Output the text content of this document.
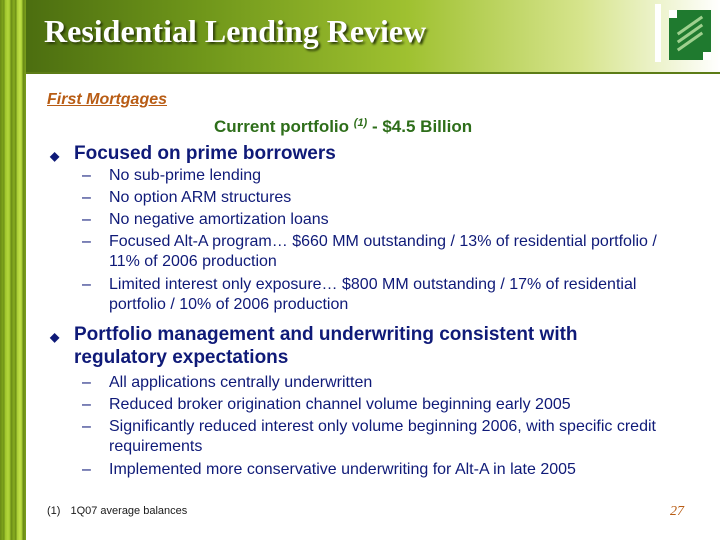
Residential Lending Review
First Mortgages
Current portfolio $^{(1)}$ - $4.5 Billion
◆ Focused on prime borrowers
– No sub-prime lending
– No option ARM structures
– No negative amortization loans
– Focused Alt-A program… $660 MM outstanding / 13% of residential portfolio / 11% of 2006 production
– Limited interest only exposure… $800 MM outstanding / 17% of residential portfolio / 10% of 2006 production
◆ Portfolio management and underwriting consistent with regulatory expectations
– All applications centrally underwritten
– Reduced broker origination channel volume beginning early 2005
– Significantly reduced interest only volume beginning 2006, with specific credit requirements
– Implemented more conservative underwriting for Alt-A in late 2005
(1) 1Q07 average balances	27
